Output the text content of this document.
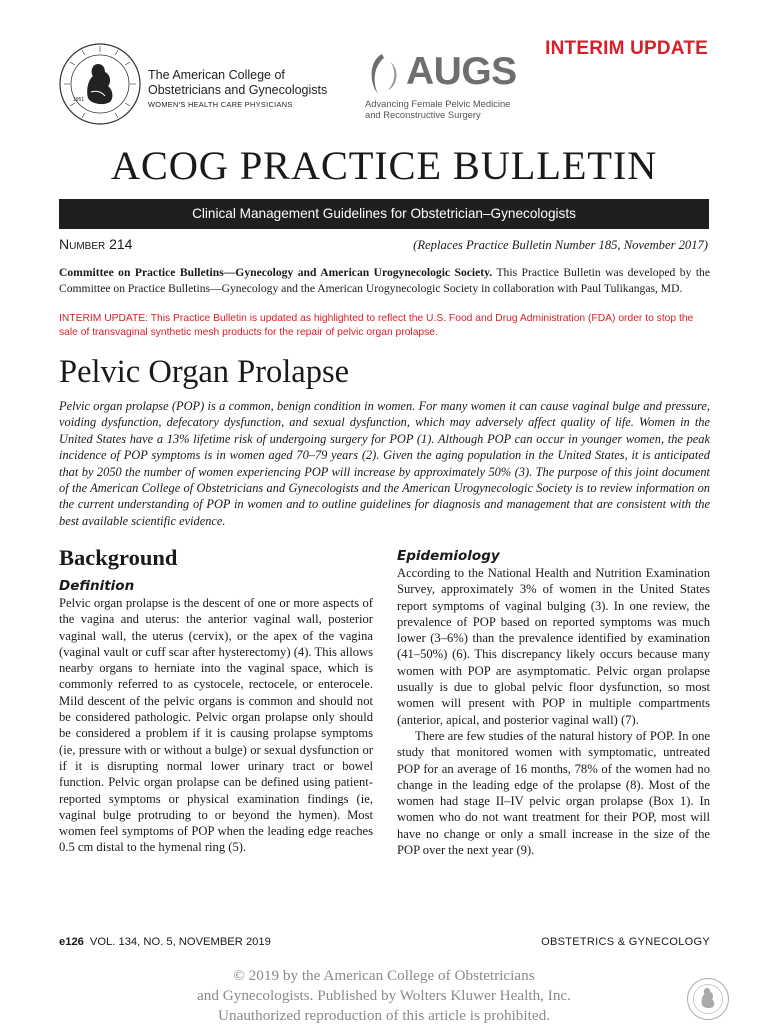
1951
The American College of
Obstetricians and Gynecologists
WOMEN'S HEALTH CARE PHYSICIANS
AUGS
Advancing Female Pelvic Medicine
and Reconstructive Surgery
INTERIM UPDATE
ACOG PRACTICE BULLETIN
Clinical Management Guidelines for Obstetrician–Gynecologists
Number 214	(Replaces Practice Bulletin Number 185, November 2017)
Committee on Practice Bulletins—Gynecology and American Urogynecologic Society. This Practice Bulletin was developed by the Committee on Practice Bulletins—Gynecology and the American Urogynecologic Society in collaboration with Paul Tulikangas, MD.
INTERIM UPDATE: This Practice Bulletin is updated as highlighted to reflect the U.S. Food and Drug Administration (FDA) order to stop the sale of transvaginal synthetic mesh products for the repair of pelvic organ prolapse.
Pelvic Organ Prolapse

Pelvic organ prolapse (POP) is a common, benign condition in women. For many women it can cause vaginal bulge and pressure, voiding dysfunction, defecatory dysfunction, and sexual dysfunction, which may adversely affect quality of life. Women in the United States have a 13% lifetime risk of undergoing surgery for POP (1). Although POP can occur in younger women, the peak incidence of POP symptoms is in women aged 70–79 years (2). Given the aging population in the United States, it is anticipated that by 2050 the number of women experiencing POP will increase by approximately 50% (3). The purpose of this joint document of the American College of Obstetricians and Gynecologists and the American Urogynecologic Society is to review information on the current understanding of POP in women and to outline guidelines for diagnosis and management that are consistent with the best available scientific evidence.

Background
Definition

Pelvic organ prolapse is the descent of one or more aspects of the vagina and uterus: the anterior vaginal wall, posterior vaginal wall, the uterus (cervix), or the apex of the vagina (vaginal vault or cuff scar after hysterectomy) (4). This allows nearby organs to herniate into the vaginal space, which is commonly referred to as cystocele, rectocele, or enterocele. Mild descent of the pelvic organs is common and should not be considered pathologic. Pelvic organ prolapse only should be considered a problem if it is causing prolapse symptoms (ie, pressure with or without a bulge) or sexual dysfunction or if it is disrupting normal lower urinary tract or bowel function. Pelvic organ prolapse can be defined using patient-reported symptoms or physical examination findings (ie, vaginal bulge protruding to or beyond the hymen). Most women feel symptoms of POP when the leading edge reaches 0.5 cm distal to the hymenal ring (5).

Epidemiology

According to the National Health and Nutrition Examination Survey, approximately 3% of women in the United States report symptoms of vaginal bulging (3). In one review, the prevalence of POP based on reported symptoms was much lower (3–6%) than the prevalence identified by examination (41–50%) (6). This discrepancy likely occurs because many women with POP are asymptomatic. Pelvic organ prolapse usually is due to global pelvic floor dysfunction, so most women will present with POP in multiple compartments (anterior, apical, and posterior vaginal wall) (7).

There are few studies of the natural history of POP. In one study that monitored women with symptomatic, untreated POP for an average of 16 months, 78% of the women had no change in the leading edge of the prolapse (8). Most of the women had stage II–IV pelvic organ prolapse (Box 1). In women who do not want treatment for their POP, most will have no change or only a small increase in the size of the POP over the next year (9).

e126 VOL. 134, NO. 5, NOVEMBER 2019	OBSTETRICS & GYNECOLOGY
© 2019 by the American College of Obstetricians
and Gynecologists. Published by Wolters Kluwer Health, Inc.
Unauthorized reproduction of this article is prohibited.
